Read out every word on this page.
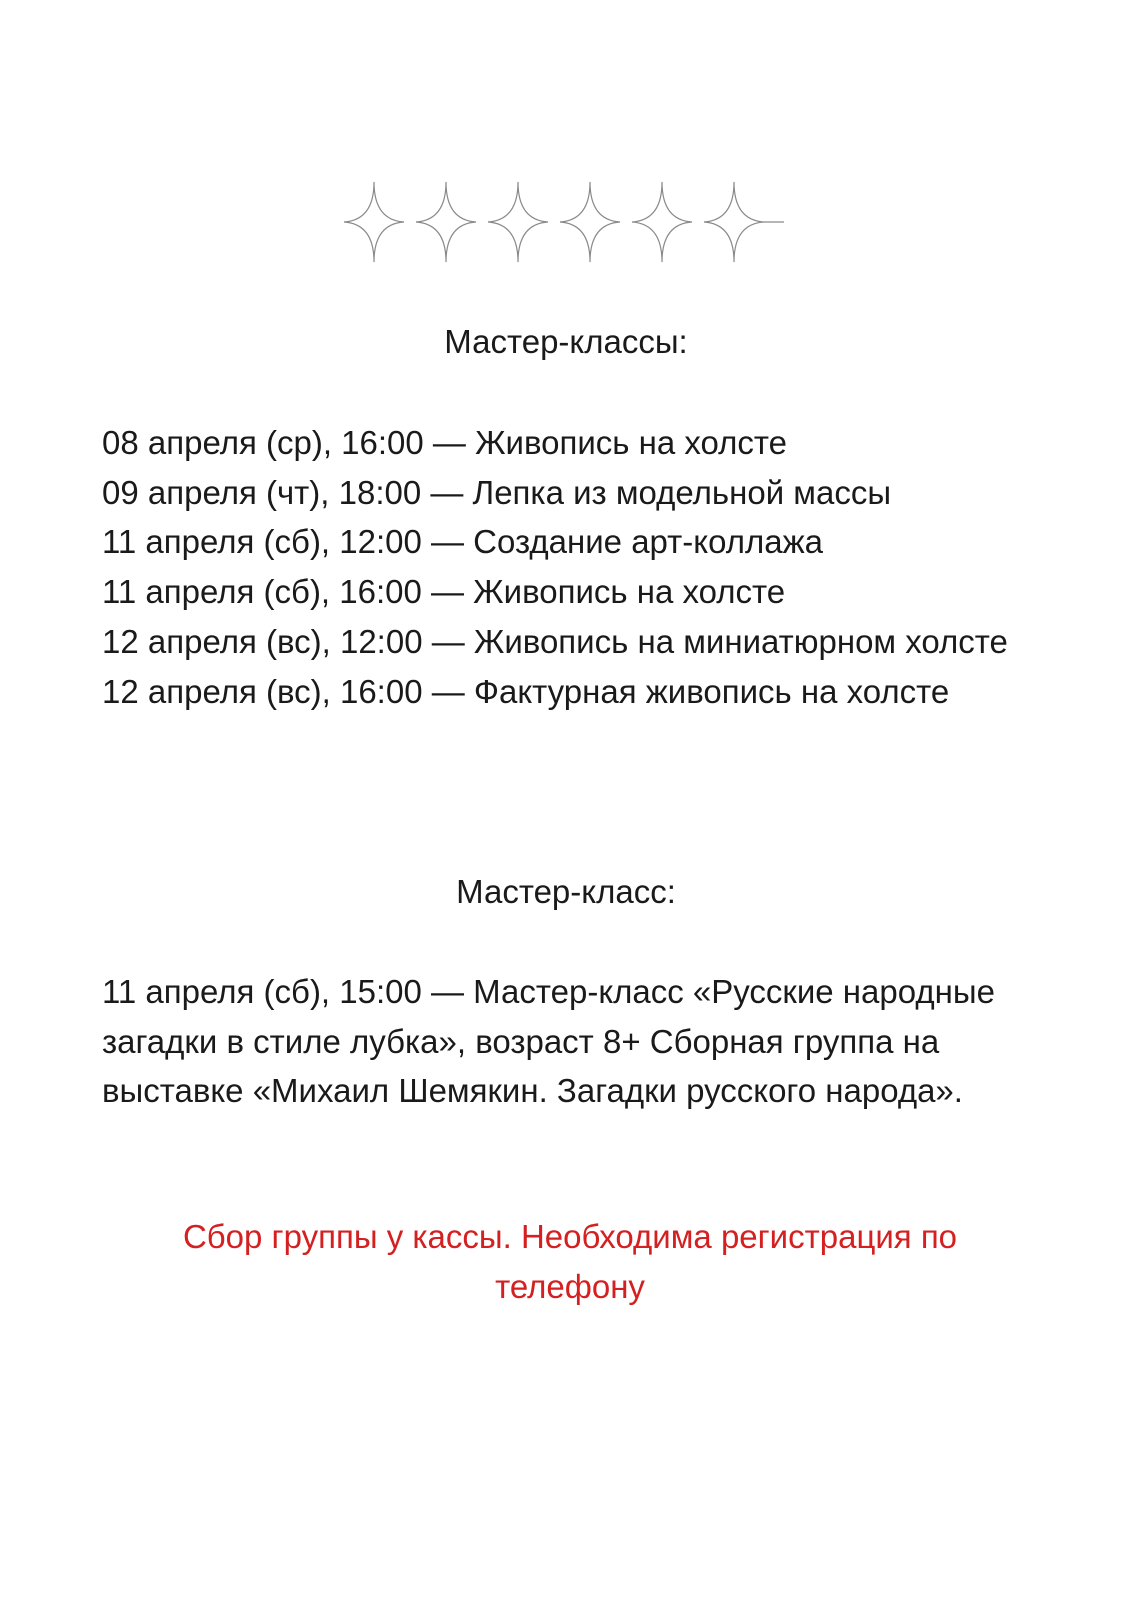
Мастер-классы:
08 апреля (ср), 16:00 — Живопись на холсте
09 апреля (чт), 18:00 — Лепка из модельной массы
11 апреля (сб), 12:00 — Создание арт-коллажа
11 апреля (сб), 16:00 — Живопись на холсте
12 апреля (вс), 12:00 — Живопись на миниатюрном холсте
12 апреля (вс), 16:00 — Фактурная живопись на холсте
Мастер-класс:

11 апреля (сб), 15:00 — Мастер-класс «Русские народные загадки в стиле лубка», возраст 8+ Сборная группа на выставке «Михаил Шемякин. Загадки русского народа».

Сбор группы у кассы. Необходима регистрация по телефону
